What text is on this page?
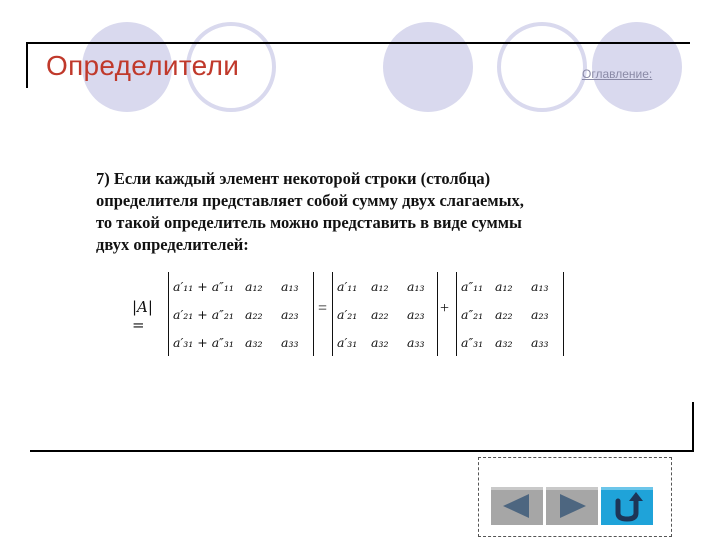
Определители	Оглавление:
7) Если каждый элемент некоторой строки (столбца)
определителя представляет собой сумму двух слагаемых,
то такой определитель можно представить в виде суммы
двух определителей:
|A| =
a′₁₁ + a″₁₁ a₁₂	a₁₃
a′₂₁ + a″₂₁ a₂₂	a₂₃
a′₃₁ + a″₃₁ a₃₂	a₃₃
=
a′₁₁	a₁₂	a₁₃
a′₂₁	a₂₂	a₂₃
a′₃₁	a₃₂	a₃₃
+
a″₁₁ a₁₂	a₁₃
a″₂₁ a₂₂	a₂₃
a″₃₁ a₃₂	a₃₃
